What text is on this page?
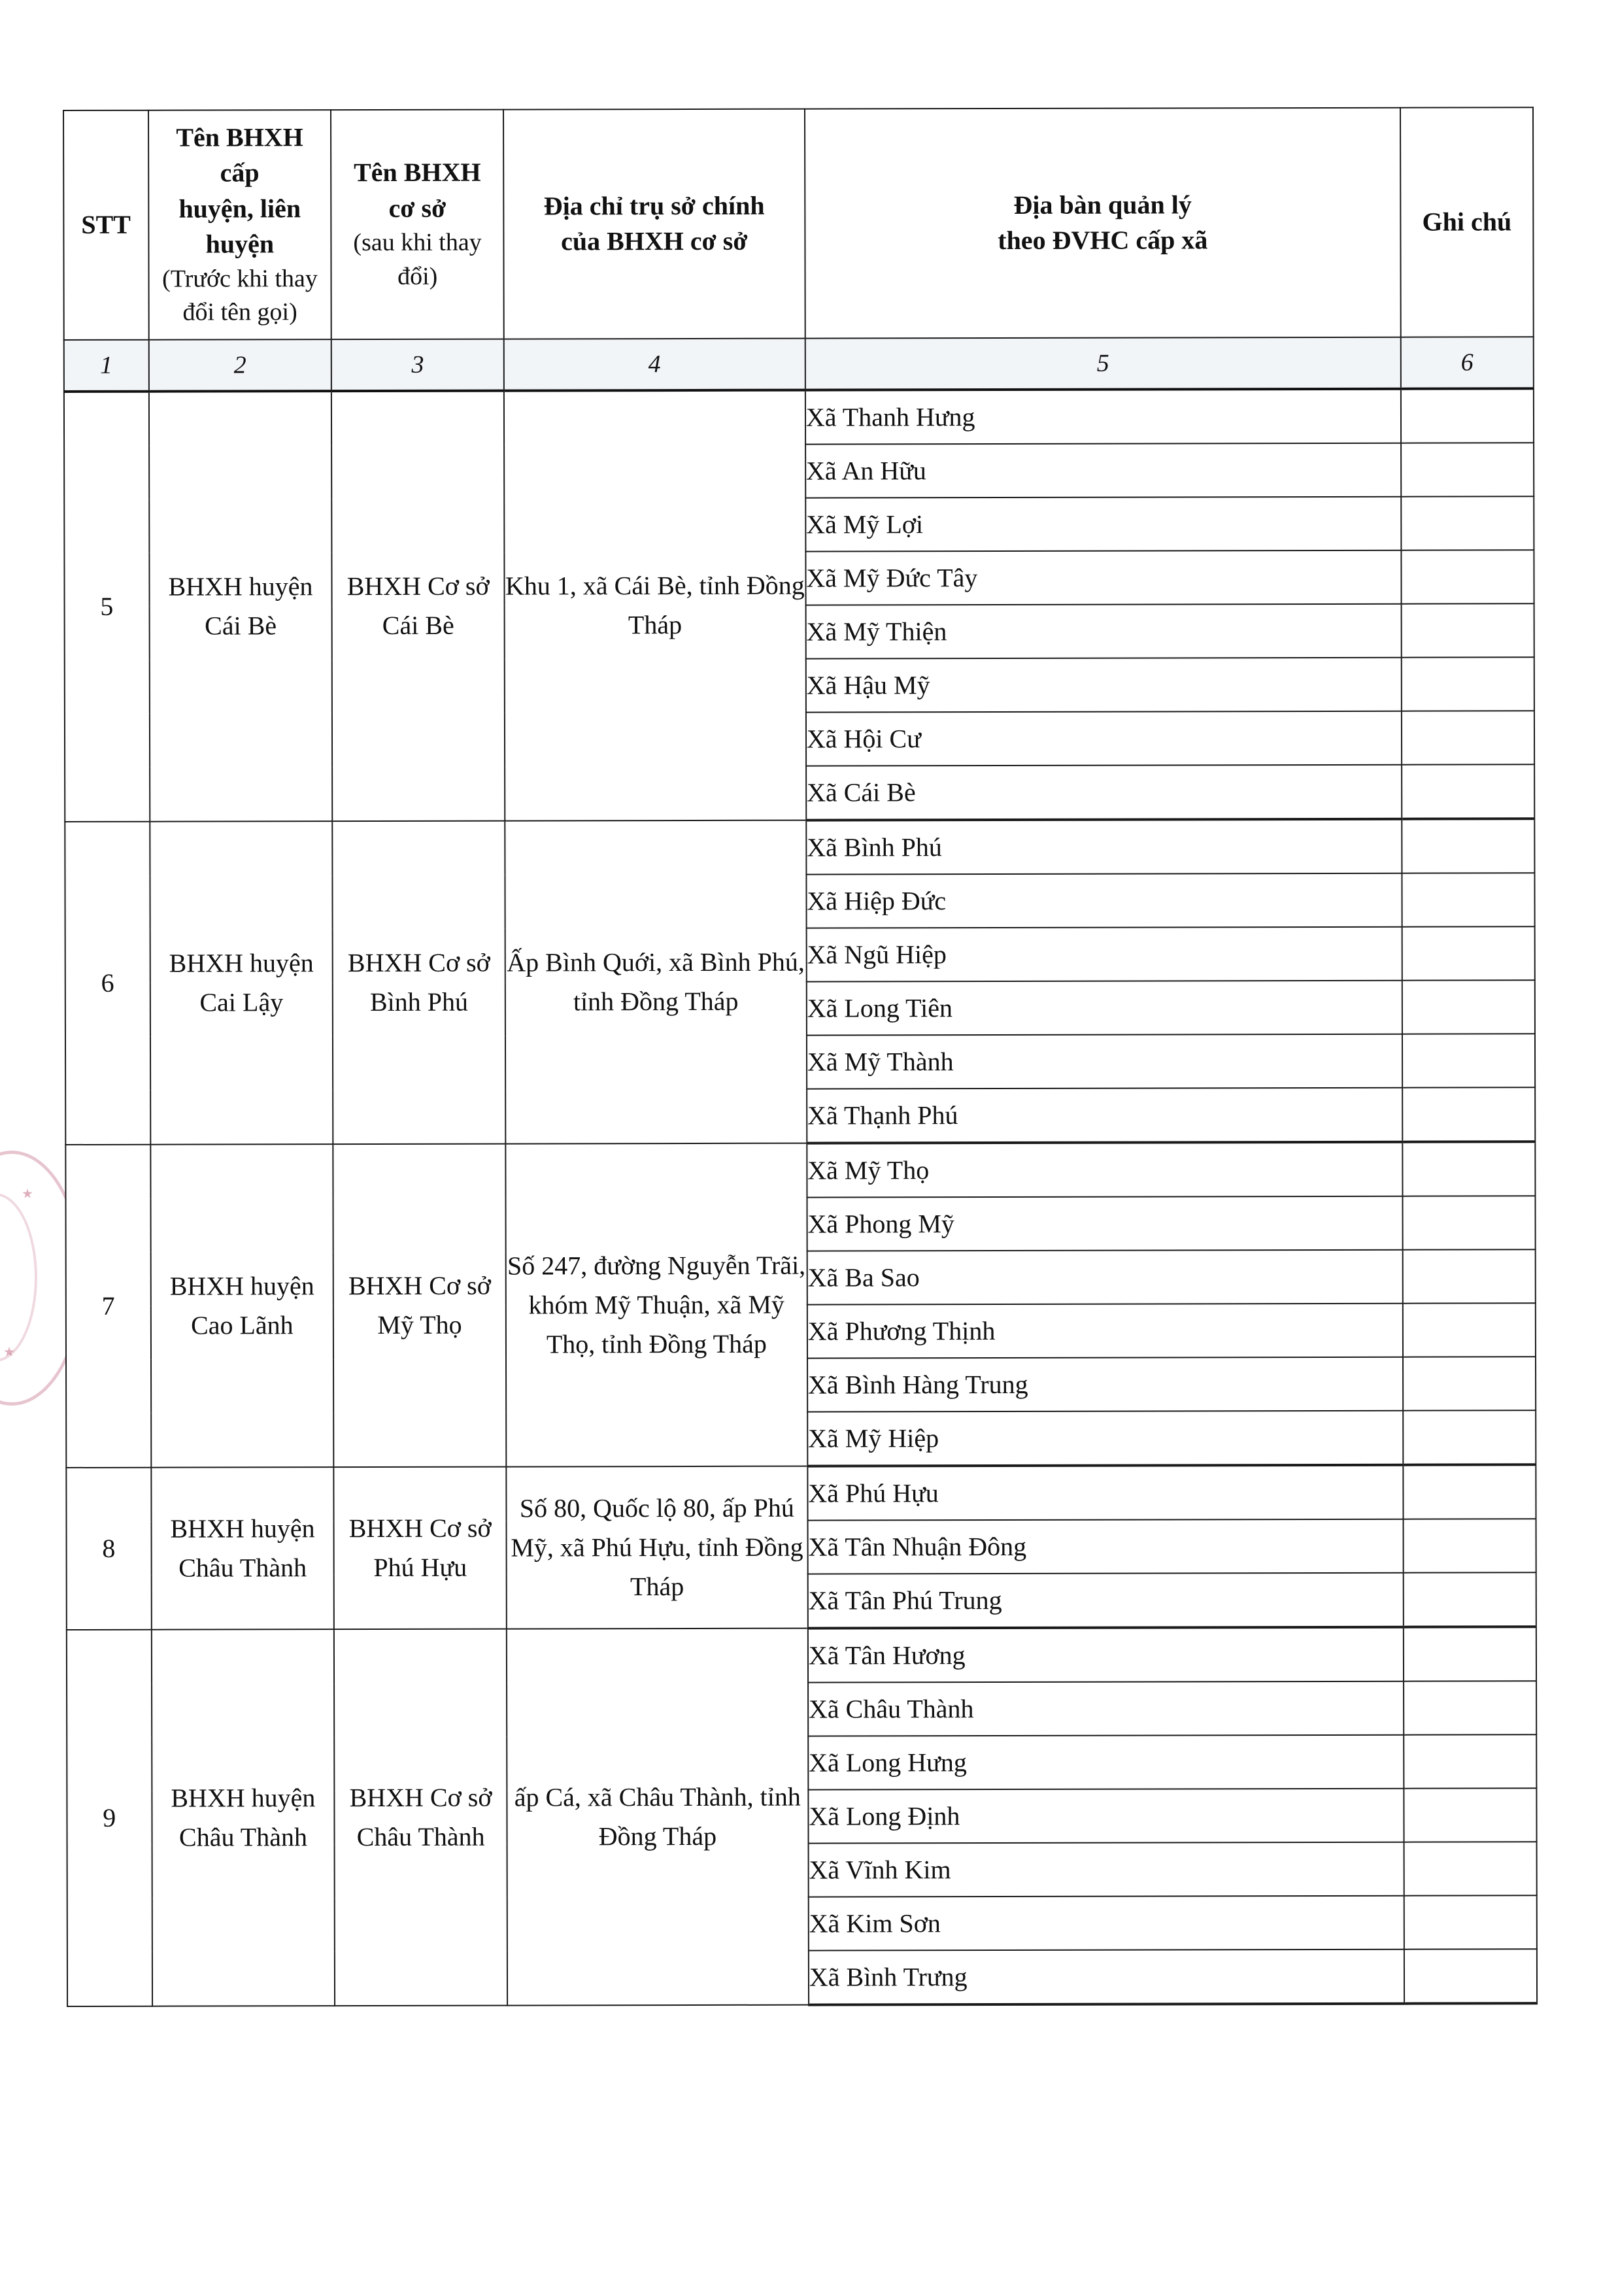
STT	Tên BHXH cấp
huyện, liên
huyện
(Trước khi thay
đổi tên gọi)	Tên BHXH
cơ sở
(sau khi thay đổi)	Địa chỉ trụ sở chính
của BHXH cơ sở	Địa bàn quản lý
theo ĐVHC cấp xã	Ghi chú
1	2	3	4	5	6
5	BHXH huyện Cái Bè	BHXH Cơ sở Cái Bè	Khu 1, xã Cái Bè, tỉnh Đồng Tháp	Xã Thanh Hưng	
				Xã An Hữu	
				Xã Mỹ Lợi	
				Xã Mỹ Đức Tây	
				Xã Mỹ Thiện	
				Xã Hậu Mỹ	
				Xã Hội Cư	
				Xã Cái Bè	
6	BHXH huyện Cai Lậy	BHXH Cơ sở Bình Phú	Ấp Bình Quới, xã Bình Phú, tỉnh Đồng Tháp	Xã Bình Phú	
				Xã Hiệp Đức	
				Xã Ngũ Hiệp	
				Xã Long Tiên	
				Xã Mỹ Thành	
				Xã Thạnh Phú	
7	BHXH huyện Cao Lãnh	BHXH Cơ sở Mỹ Thọ	Số 247, đường Nguyễn Trãi, khóm Mỹ Thuận, xã Mỹ Thọ, tỉnh Đồng Tháp	Xã Mỹ Thọ	
				Xã Phong Mỹ	
				Xã Ba Sao	
				Xã Phương Thịnh	
				Xã Bình Hàng Trung	
				Xã Mỹ Hiệp	
8	BHXH huyện Châu Thành	BHXH Cơ sở Phú Hựu	Số 80, Quốc lộ 80, ấp Phú Mỹ, xã Phú Hựu, tỉnh Đồng Tháp	Xã Phú Hựu	
				Xã Tân Nhuận Đông	
				Xã Tân Phú Trung	
9	BHXH huyện Châu Thành	BHXH Cơ sở Châu Thành	ấp Cá, xã Châu Thành, tỉnh Đồng Tháp	Xã Tân Hương	
				Xã Châu Thành	
				Xã Long Hưng	
				Xã Long Định	
				Xã Vĩnh Kim	
				Xã Kim Sơn	
				Xã Bình Trưng	
